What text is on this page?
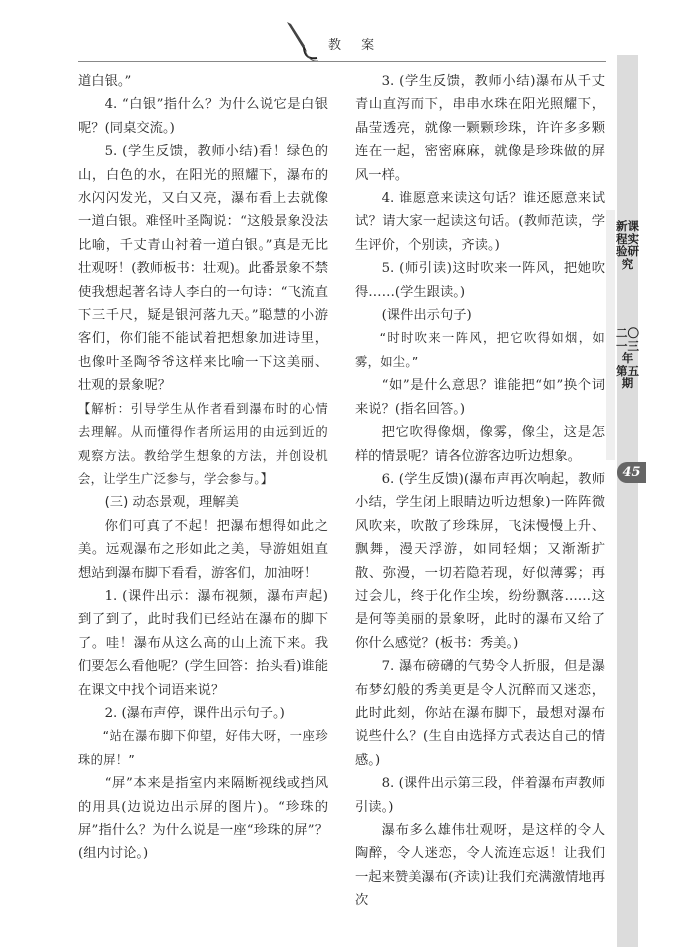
教 案

道白银。”

4. “白银”指什么？为什么说它是白银呢？(同桌交流。)

5. (学生反馈，教师小结)看！绿色的山，白色的水，在阳光的照耀下，瀑布的水闪闪发光，又白又亮，瀑布看上去就像一道白银。难怪叶圣陶说：“这般景象没法比喻，千丈青山衬着一道白银。”真是无比壮观呀！(教师板书：壮观)。此番景象不禁使我想起著名诗人李白的一句诗：“飞流直下三千尺，疑是银河落九天。”聪慧的小游客们，你们能不能试着把想象加进诗里，也像叶圣陶爷爷这样来比喻一下这美丽、壮观的景象呢？

【解析：引导学生从作者看到瀑布时的心情去理解。从而懂得作者所运用的由远到近的观察方法。教给学生想象的方法，并创设机会，让学生广泛参与，学会参与。】

(三) 动态景观，理解美

你们可真了不起！把瀑布想得如此之美。远观瀑布之形如此之美，导游姐姐直想站到瀑布脚下看看，游客们，加油呀！

1. (课件出示：瀑布视频，瀑布声起)到了到了，此时我们已经站在瀑布的脚下了。哇！瀑布从这么高的山上流下来。我们要怎么看他呢？(学生回答：抬头看)谁能在课文中找个词语来说？

2. (瀑布声停，课件出示句子。)

“站在瀑布脚下仰望，好伟大呀，一座珍珠的屏！”

“屏”本来是指室内来隔断视线或挡风的用具(边说边出示屏的图片)。“珍珠的屏”指什么？为什么说是一座“珍珠的屏”？(组内讨论。)

3. (学生反馈，教师小结)瀑布从千丈青山直泻而下，串串水珠在阳光照耀下，晶莹透亮，就像一颗颗珍珠，许许多多颗连在一起，密密麻麻，就像是珍珠做的屏风一样。

4. 谁愿意来读这句话？谁还愿意来试试？请大家一起读这句话。(教师范读，学生评价，个别读，齐读。)

5. (师引读)这时吹来一阵风，把她吹得……(学生跟读。)

(课件出示句子)

“时时吹来一阵风，把它吹得如烟，如雾，如尘。”

“如”是什么意思？谁能把“如”换个词来说？(指名回答。)

把它吹得像烟，像雾，像尘，这是怎样的情景呢？请各位游客边听边想象。

6. (学生反馈)(瀑布声再次响起，教师小结，学生闭上眼睛边听边想象)一阵阵微风吹来，吹散了珍珠屏，飞沫慢慢上升、飘舞，漫天浮游，如同轻烟；又渐渐扩散、弥漫，一切若隐若现，好似薄雾；再过会儿，终于化作尘埃，纷纷飘落……这是何等美丽的景象呀，此时的瀑布又给了你什么感觉？(板书：秀美。)

7. 瀑布磅礴的气势令人折服，但是瀑布梦幻般的秀美更是令人沉醉而又迷恋，此时此刻，你站在瀑布脚下，最想对瀑布说些什么？(生自由选择方式表达自己的情感。)

8. (课件出示第三段，伴着瀑布声教师引读。)

瀑布多么雄伟壮观呀，是这样的令人陶醉，令人迷恋，令人流连忘返！让我们一起来赞美瀑布(齐读)让我们充满激情地再次

新课程实验研究
二〇一三年 第五期
45
